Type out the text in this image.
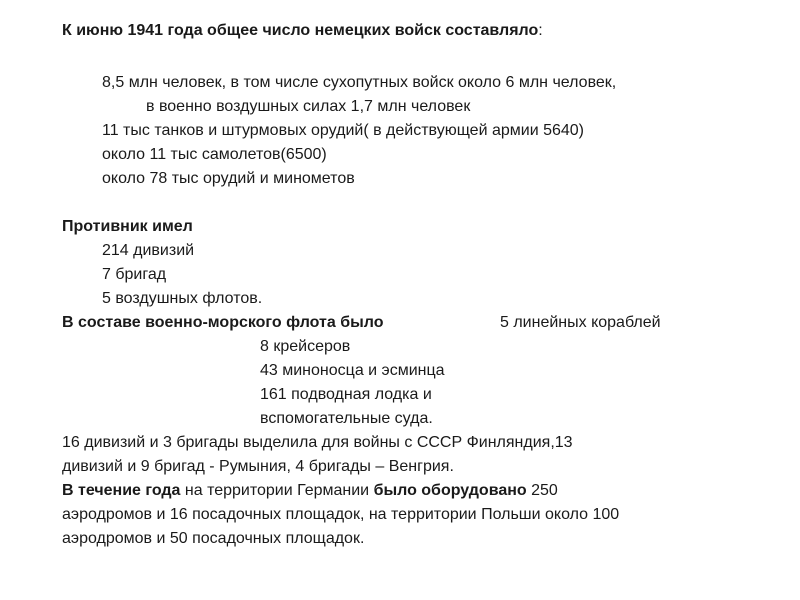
К июню 1941 года общее число немецких войск составляло:
8,5 млн человек, в том числе сухопутных войск около 6 млн человек,
в военно воздушных силах 1,7 млн человек
11 тыс танков и штурмовых орудий( в действующей армии 5640)
около 11 тыс самолетов(6500)
около 78 тыс орудий и минометов
Противник имел
214 дивизий
7 бригад
5 воздушных флотов.
В составе военно-морского флота было	5 линейных кораблей
8 крейсеров
43 миноносца и эсминца
161 подводная лодка и
вспомогательные суда.
16 дивизий и 3 бригады выделила для войны с СССР Финляндия,13
дивизий и 9 бригад - Румыния, 4 бригады – Венгрия.
В течение года на территории Германии было оборудовано 250
аэродромов и 16 посадочных площадок, на территории Польши около 100
аэродромов и 50 посадочных площадок.
